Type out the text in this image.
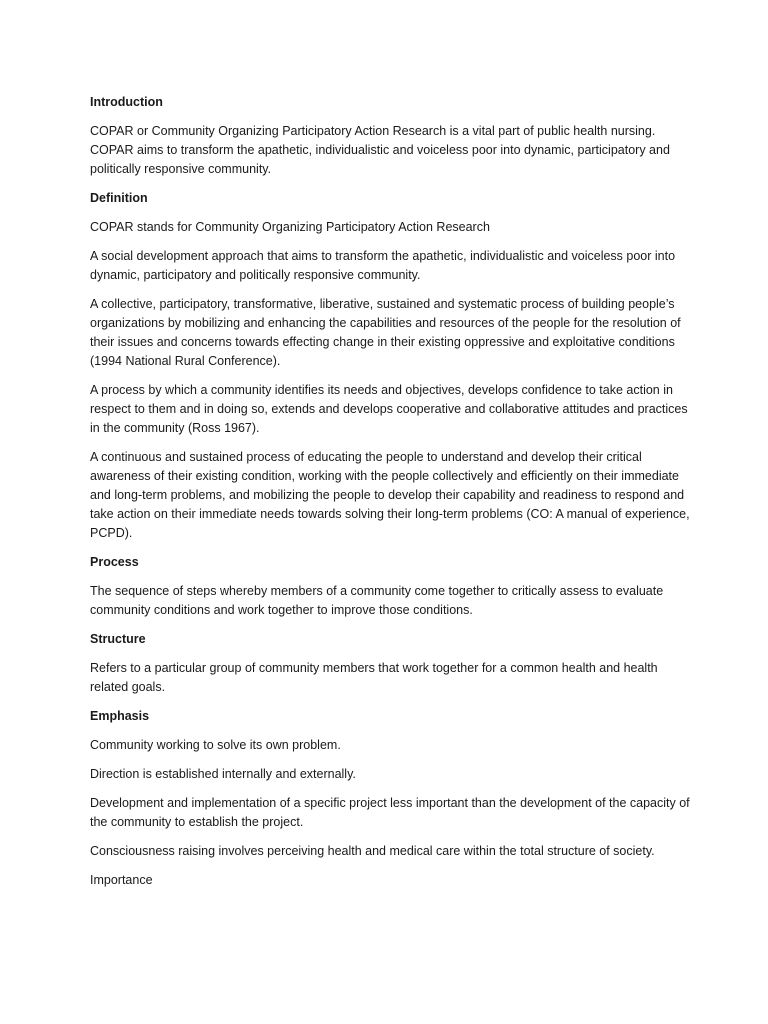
Introduction
COPAR or Community Organizing Participatory Action Research is a vital part of public health nursing. COPAR aims to transform the apathetic, individualistic and voiceless poor into dynamic, participatory and politically responsive community.
Definition
COPAR stands for Community Organizing Participatory Action Research
A social development approach that aims to transform the apathetic, individualistic and voiceless poor into dynamic, participatory and politically responsive community.
A collective, participatory, transformative, liberative, sustained and systematic process of building people’s organizations by mobilizing and enhancing the capabilities and resources of the people for the resolution of their issues and concerns towards effecting change in their existing oppressive and exploitative conditions (1994 National Rural Conference).
A process by which a community identifies its needs and objectives, develops confidence to take action in respect to them and in doing so, extends and develops cooperative and collaborative attitudes and practices in the community (Ross 1967).
A continuous and sustained process of educating the people to understand and develop their critical awareness of their existing condition, working with the people collectively and efficiently on their immediate and long-term problems, and mobilizing the people to develop their capability and readiness to respond and take action on their immediate needs towards solving their long-term problems (CO: A manual of experience, PCPD).
Process
The sequence of steps whereby members of a community come together to critically assess to evaluate community conditions and work together to improve those conditions.
Structure
Refers to a particular group of community members that work together for a common health and health related goals.
Emphasis
Community working to solve its own problem.
Direction is established internally and externally.
Development and implementation of a specific project less important than the development of the capacity of the community to establish the project.
Consciousness raising involves perceiving health and medical care within the total structure of society.
Importance
